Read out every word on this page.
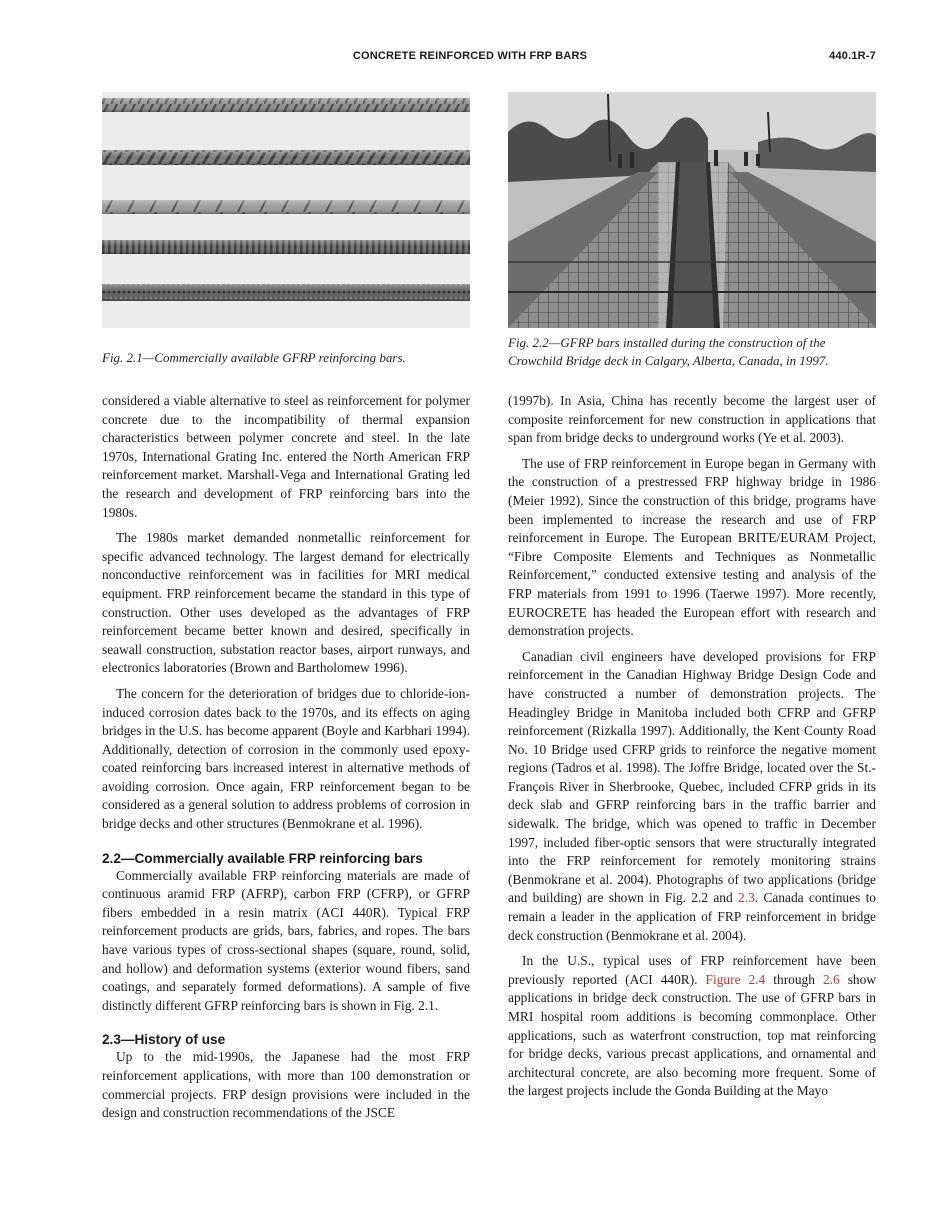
CONCRETE REINFORCED WITH FRP BARS	440.1R-7
Fig. 2.1—Commercially available GFRP reinforcing bars.
Fig. 2.2—GFRP bars installed during the construction of the Crowchild Bridge deck in Calgary, Alberta, Canada, in 1997.

considered a viable alternative to steel as reinforcement for polymer concrete due to the incompatibility of thermal expansion characteristics between polymer concrete and steel. In the late 1970s, International Grating Inc. entered the North American FRP reinforcement market. Marshall-Vega and International Grating led the research and development of FRP reinforcing bars into the 1980s.

The 1980s market demanded nonmetallic reinforcement for specific advanced technology. The largest demand for electrically nonconductive reinforcement was in facilities for MRI medical equipment. FRP reinforcement became the standard in this type of construction. Other uses developed as the advantages of FRP reinforcement became better known and desired, specifically in seawall construction, substation reactor bases, airport runways, and electronics laboratories (Brown and Bartholomew 1996).

The concern for the deterioration of bridges due to chloride-ion-induced corrosion dates back to the 1970s, and its effects on aging bridges in the U.S. has become apparent (Boyle and Karbhari 1994). Additionally, detection of corrosion in the commonly used epoxy-coated reinforcing bars increased interest in alternative methods of avoiding corrosion. Once again, FRP reinforcement began to be considered as a general solution to address problems of corrosion in bridge decks and other structures (Benmokrane et al. 1996).

2.2—Commercially available FRP reinforcing bars

Commercially available FRP reinforcing materials are made of continuous aramid FRP (AFRP), carbon FRP (CFRP), or GFRP fibers embedded in a resin matrix (ACI 440R). Typical FRP reinforcement products are grids, bars, fabrics, and ropes. The bars have various types of cross-sectional shapes (square, round, solid, and hollow) and deformation systems (exterior wound fibers, sand coatings, and separately formed deformations). A sample of five distinctly different GFRP reinforcing bars is shown in Fig. 2.1.

2.3—History of use

Up to the mid-1990s, the Japanese had the most FRP reinforcement applications, with more than 100 demonstration or commercial projects. FRP design provisions were included in the design and construction recommendations of the JSCE

(1997b). In Asia, China has recently become the largest user of composite reinforcement for new construction in applications that span from bridge decks to underground works (Ye et al. 2003).

The use of FRP reinforcement in Europe began in Germany with the construction of a prestressed FRP highway bridge in 1986 (Meier 1992). Since the construction of this bridge, programs have been implemented to increase the research and use of FRP reinforcement in Europe. The European BRITE/EURAM Project, “Fibre Composite Elements and Techniques as Nonmetallic Reinforcement,” conducted extensive testing and analysis of the FRP materials from 1991 to 1996 (Taerwe 1997). More recently, EUROCRETE has headed the European effort with research and demonstration projects.

Canadian civil engineers have developed provisions for FRP reinforcement in the Canadian Highway Bridge Design Code and have constructed a number of demonstration projects. The Headingley Bridge in Manitoba included both CFRP and GFRP reinforcement (Rizkalla 1997). Additionally, the Kent County Road No. 10 Bridge used CFRP grids to reinforce the negative moment regions (Tadros et al. 1998). The Joffre Bridge, located over the St.-François River in Sherbrooke, Quebec, included CFRP grids in its deck slab and GFRP reinforcing bars in the traffic barrier and sidewalk. The bridge, which was opened to traffic in December 1997, included fiber-optic sensors that were structurally integrated into the FRP reinforcement for remotely monitoring strains (Benmokrane et al. 2004). Photographs of two applications (bridge and building) are shown in Fig. 2.2 and 2.3. Canada continues to remain a leader in the application of FRP reinforcement in bridge deck construction (Benmokrane et al. 2004).

In the U.S., typical uses of FRP reinforcement have been previously reported (ACI 440R). Figure 2.4 through 2.6 show applications in bridge deck construction. The use of GFRP bars in MRI hospital room additions is becoming commonplace. Other applications, such as waterfront construction, top mat reinforcing for bridge decks, various precast applications, and ornamental and architectural concrete, are also becoming more frequent. Some of the largest projects include the Gonda Building at the Mayo
